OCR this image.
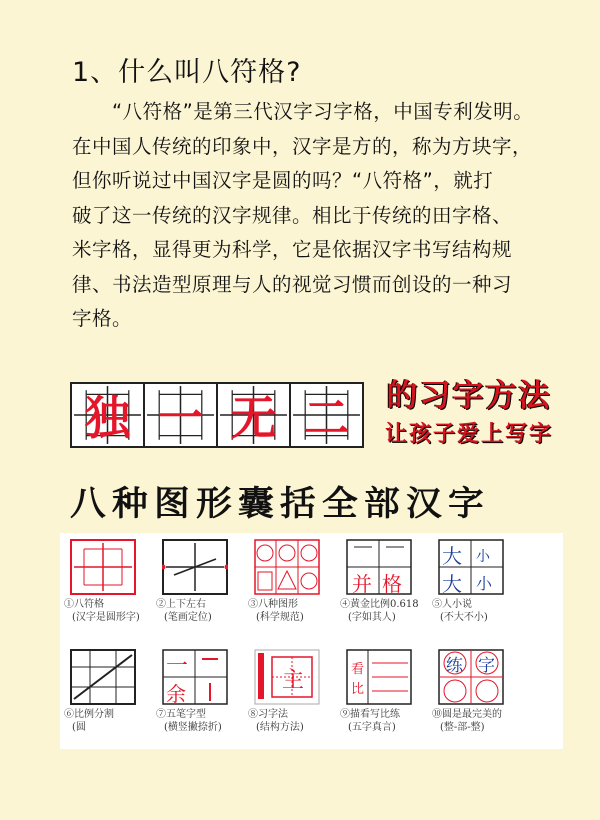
1、什么叫八符格?
“八符格”是第三代汉字习字格，中国专利发明。
在中国人传统的印象中，汉字是方的，称为方块字，
但你听说过中国汉字是圆的吗？“八符格”，就打
破了这一传统的汉字规律。相比于传统的田字格、
米字格，显得更为科学，它是依据汉字书写结构规
律、书法造型原理与人的视觉习惯而创设的一种习
字格。
独 一 无 二	的习字方法
让孩子爱上写字
八种图形囊括全部汉字
①八符格
(汉字是圆形字)
②上下左右
(笔画定位)
③八种图形
(科学规范)
并 格
④黄金比例0.618
(字如其人)
大 小
大 小
⑤人小说
(不大不小)
⑥比例分割
(圆
一
余
⑦五笔字型
(横竖撇捺折)
主
⑧习字法
(结构方法)
看
比
⑨描看写比练
(五字真言)
练 字
⑩圆是最完美的
(整-部-整)
